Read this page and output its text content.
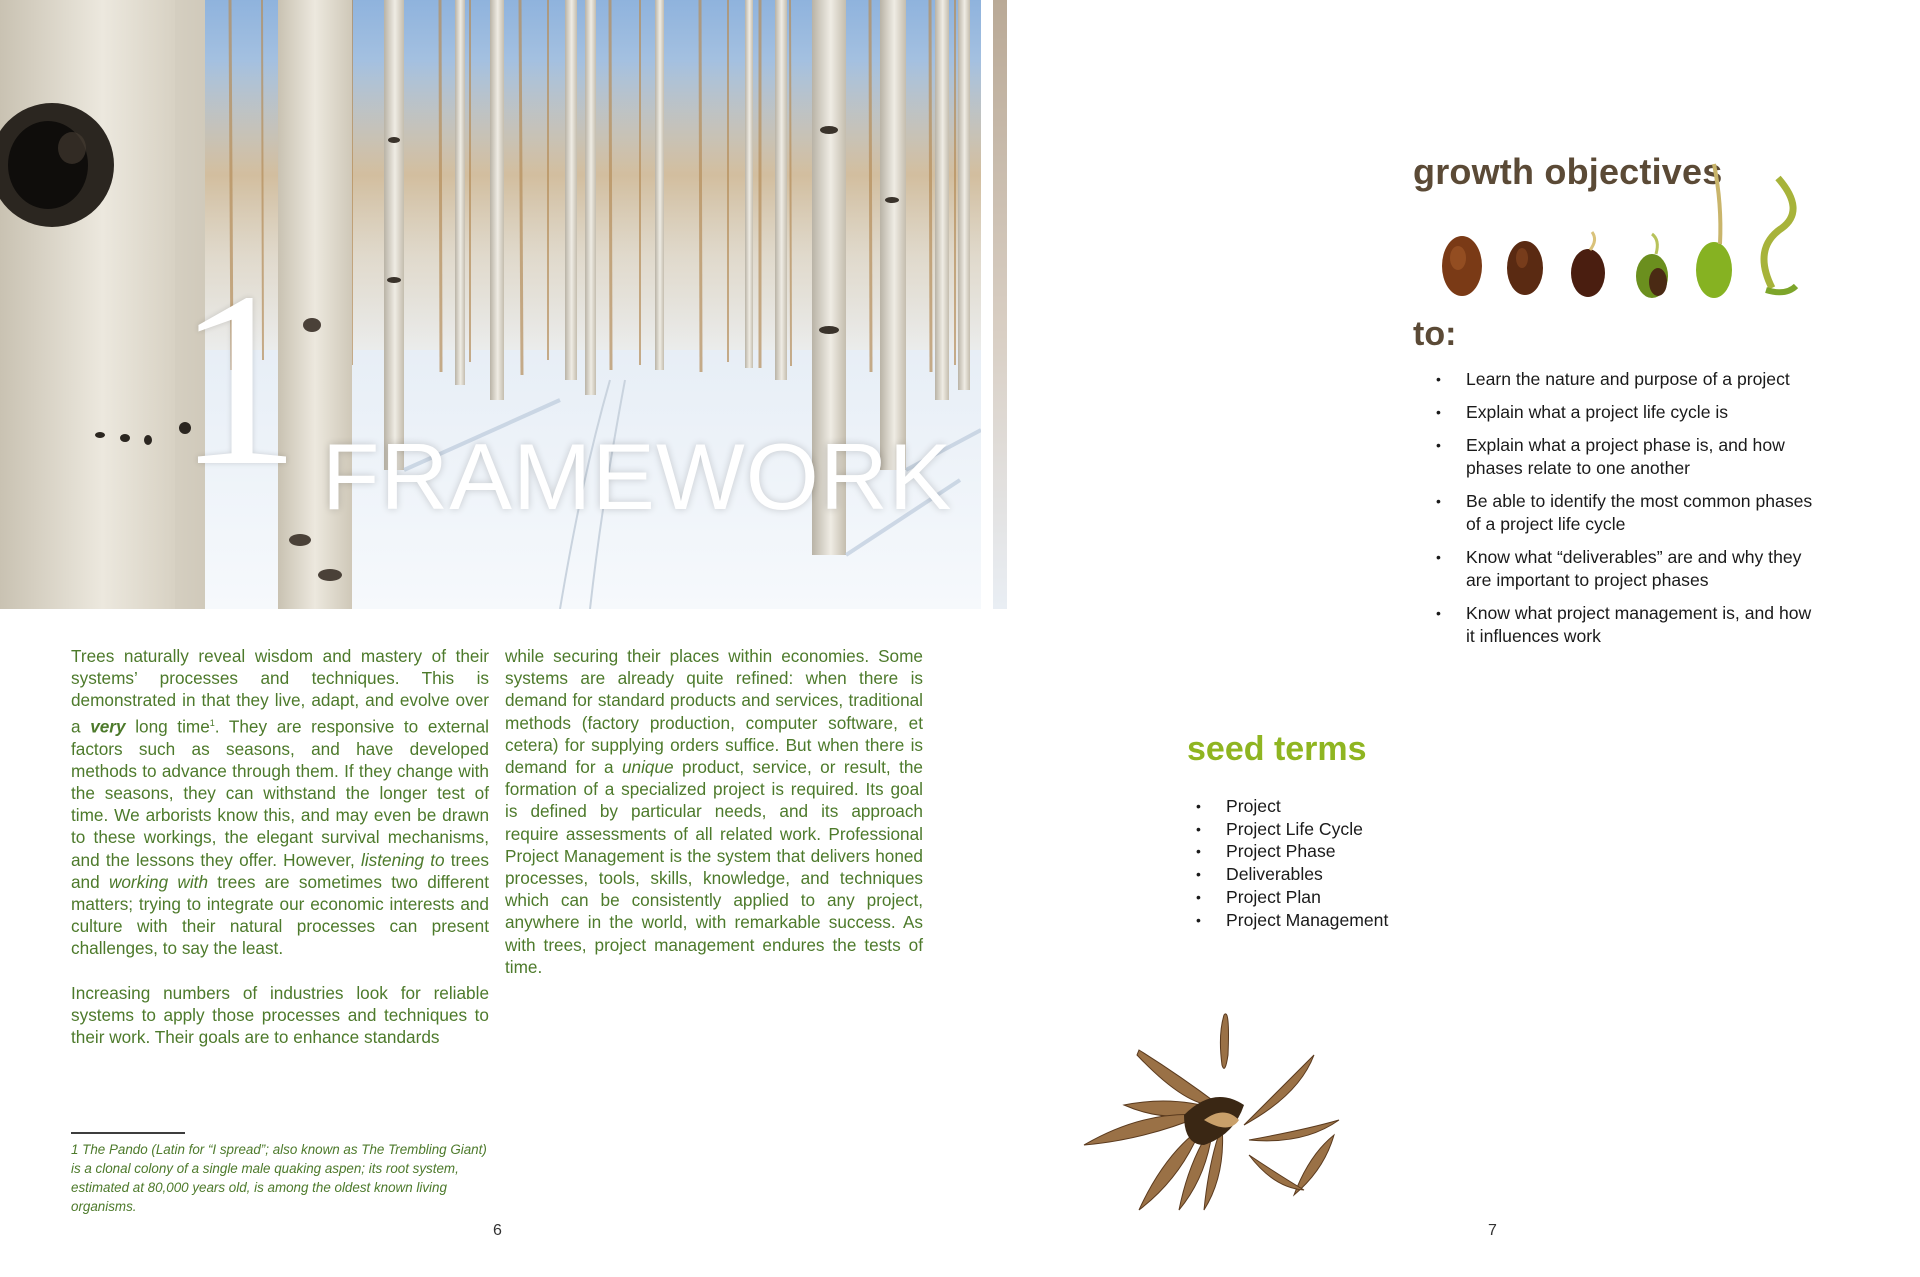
1 FRAMEWORK

Trees naturally reveal wisdom and mastery of their systems’ processes and techniques. This is demonstrated in that they live, adapt, and evolve over a very long time$^1$. They are responsive to external factors such as seasons, and have developed methods to advance through them. If they change with the seasons, they can withstand the longer test of time. We arborists know this, and may even be drawn to these workings, the elegant survival mechanisms, and the lessons they offer. However, listening to trees and working with trees are sometimes two different matters; trying to integrate our economic interests and culture with their natural processes can present challenges, to say the least.

Increasing numbers of industries look for reliable systems to apply those processes and techniques to their work. Their goals are to enhance standards

while securing their places within economies. Some systems are already quite refined: when there is demand for standard products and services, traditional methods (factory production, computer software, et cetera) for supplying orders suffice. But when there is demand for a unique product, service, or result, the formation of a specialized project is required. Its goal is defined by particular needs, and its approach require assessments of all related work. Professional Project Management is the system that delivers honed processes, tools, skills, knowledge, and techniques which can be consistently applied to any project, anywhere in the world, with remarkable success. As with trees, project management endures the tests of time.

1 The Pando (Latin for “I spread”; also known as The Trembling Giant) is a clonal colony of a single male quaking aspen; its root system, estimated at 80,000 years old, is among the oldest known living organisms.
6
growth objectives
to:
• Learn the nature and purpose of a project
• Explain what a project life cycle is
• Explain what a project phase is, and how phases relate to one another
• Be able to identify the most common phases of a project life cycle
• Know what “deliverables” are and why they are important to project phases
• Know what project management is, and how it influences work
seed terms
• Project
• Project Life Cycle
• Project Phase
• Deliverables
• Project Plan
• Project Management
7
